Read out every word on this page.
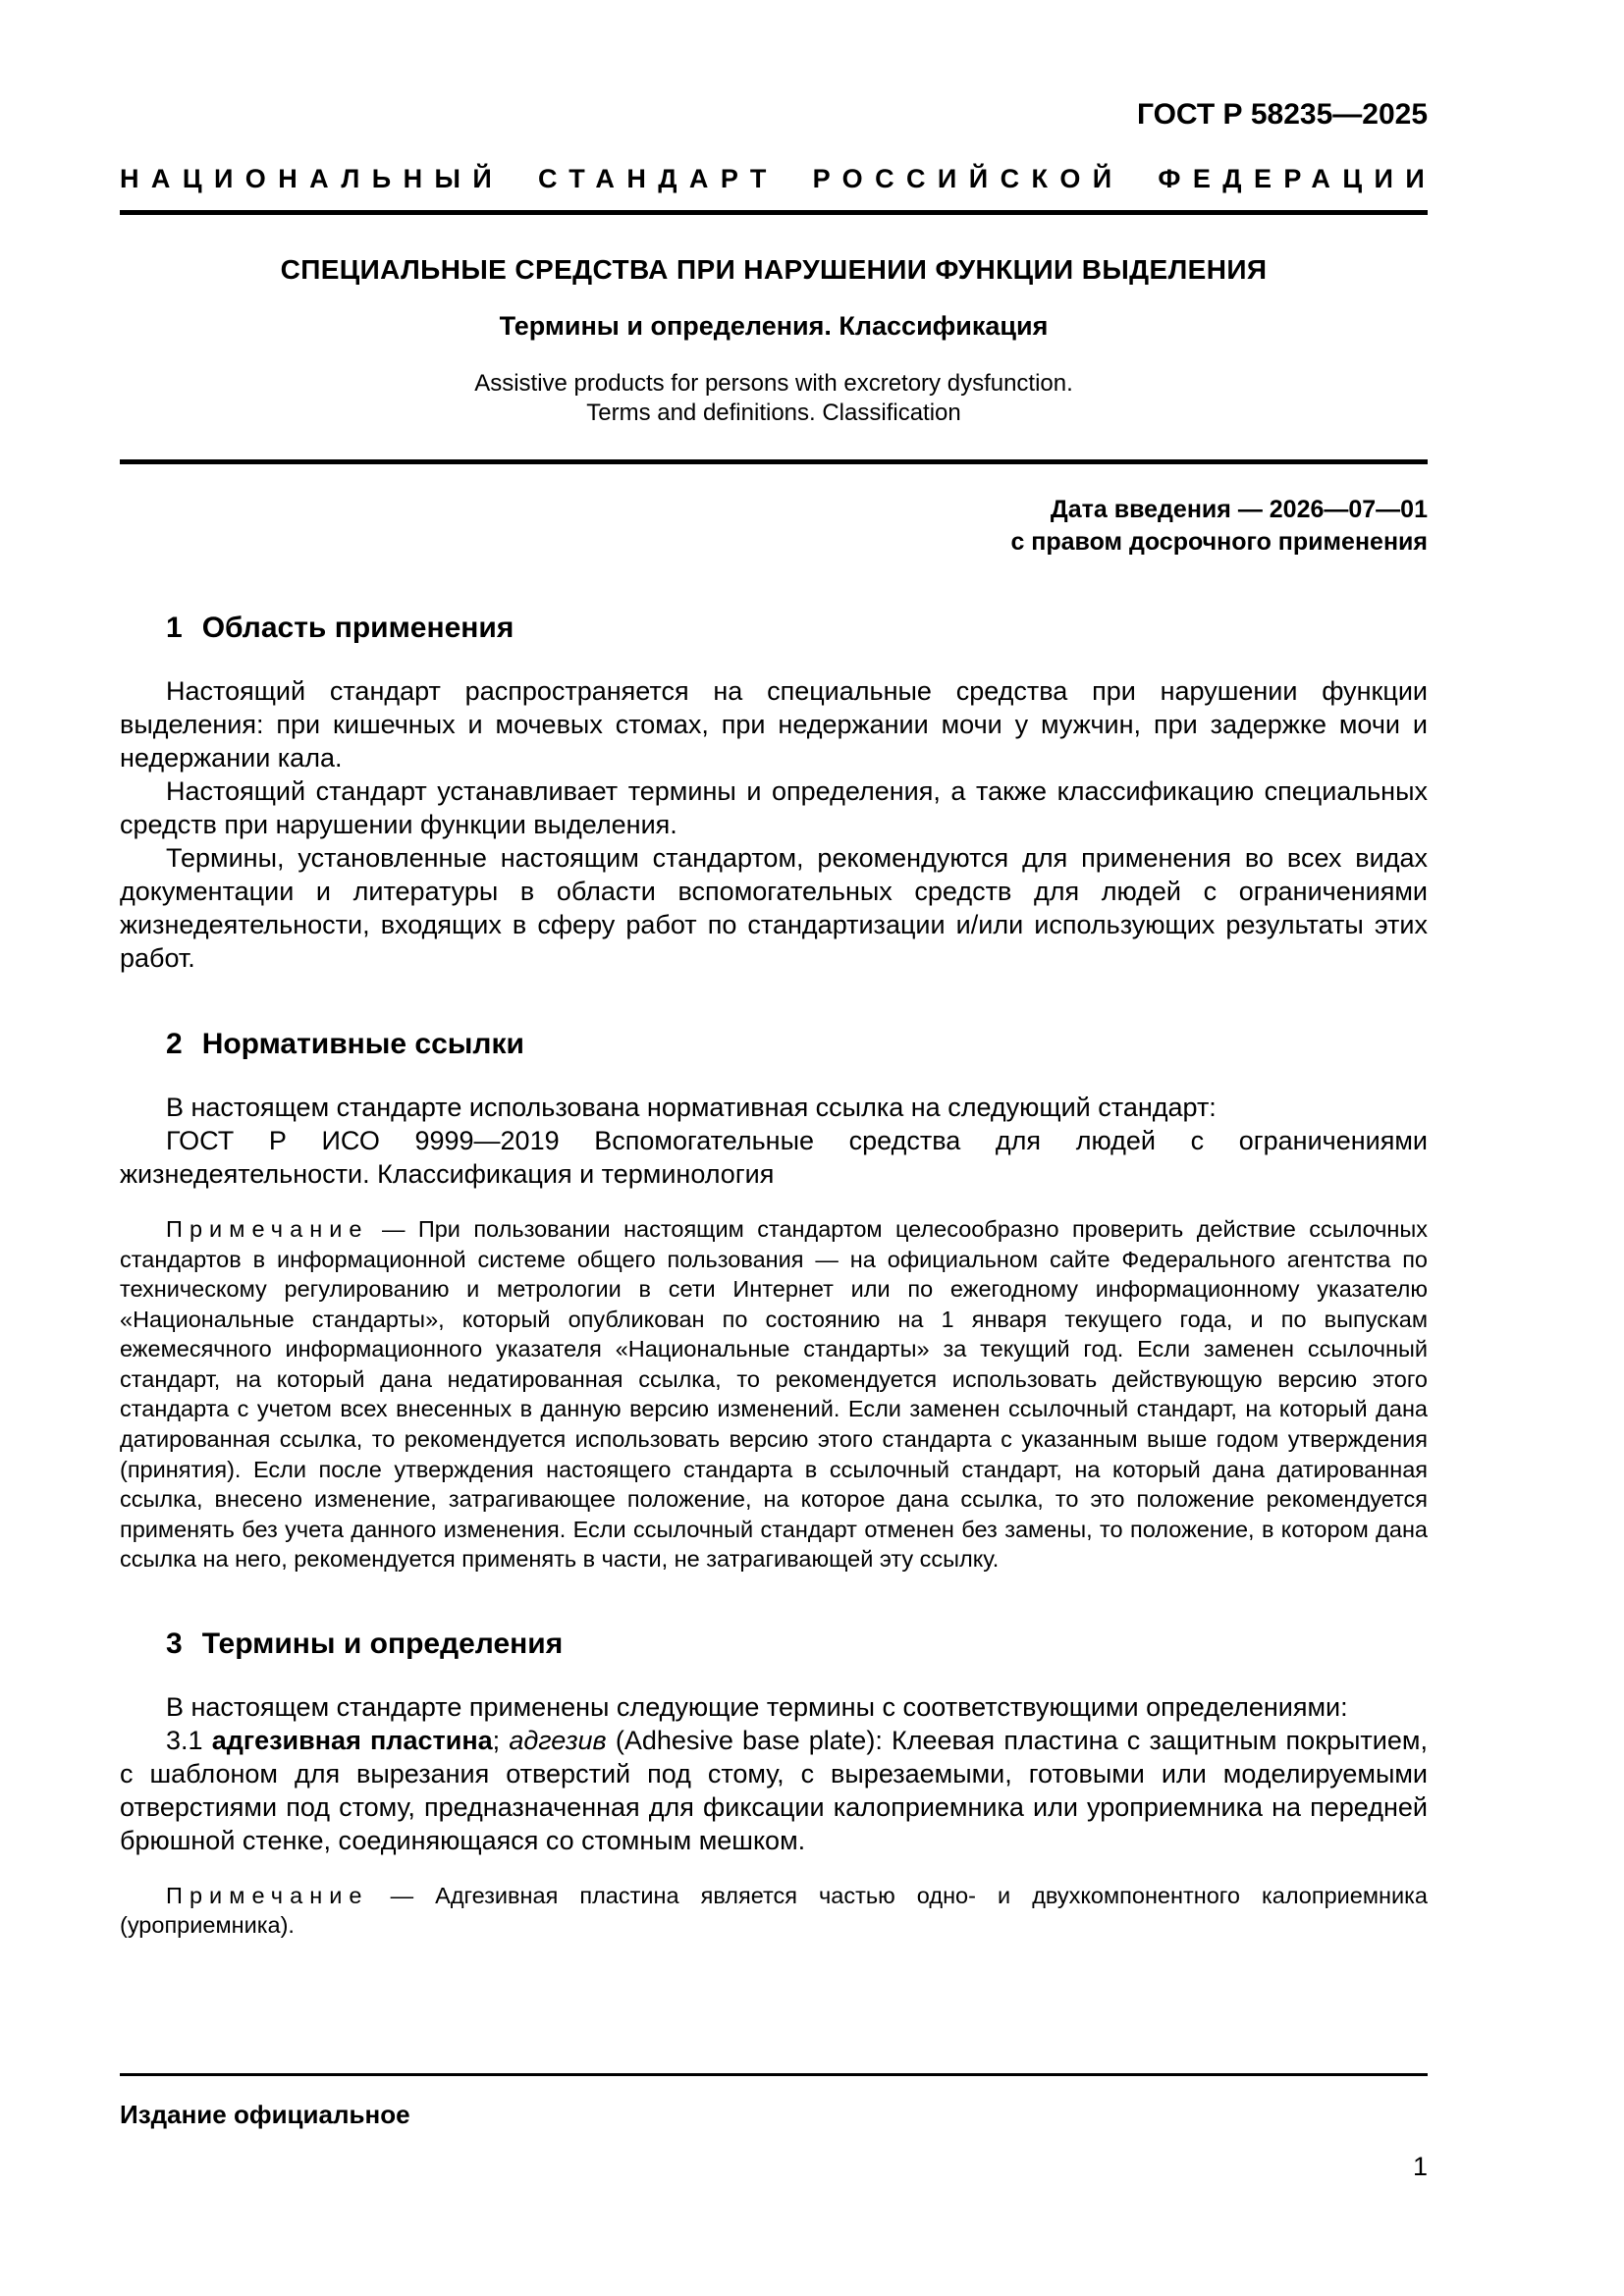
ГОСТ Р 58235—2025
НАЦИОНАЛЬНЫЙ СТАНДАРТ РОССИЙСКОЙ ФЕДЕРАЦИИ
СПЕЦИАЛЬНЫЕ СРЕДСТВА ПРИ НАРУШЕНИИ ФУНКЦИИ ВЫДЕЛЕНИЯ
Термины и определения. Классификация
Assistive products for persons with excretory dysfunction.
Terms and definitions. Classification
Дата введения — 2026—07—01
с правом досрочного применения
1 Область применения

Настоящий стандарт распространяется на специальные средства при нарушении функции выделения: при кишечных и мочевых стомах, при недержании мочи у мужчин, при задержке мочи и недержании кала.

Настоящий стандарт устанавливает термины и определения, а также классификацию специальных средств при нарушении функции выделения.

Термины, установленные настоящим стандартом, рекомендуются для применения во всех видах документации и литературы в области вспомогательных средств для людей с ограничениями жизнедеятельности, входящих в сферу работ по стандартизации и/или использующих результаты этих работ.

2 Нормативные ссылки

В настоящем стандарте использована нормативная ссылка на следующий стандарт:

ГОСТ Р ИСО 9999—2019 Вспомогательные средства для людей с ограничениями жизнедеятельности. Классификация и терминология

Примечание — При пользовании настоящим стандартом целесообразно проверить действие ссылочных стандартов в информационной системе общего пользования — на официальном сайте Федерального агентства по техническому регулированию и метрологии в сети Интернет или по ежегодному информационному указателю «Национальные стандарты», который опубликован по состоянию на 1 января текущего года, и по выпускам ежемесячного информационного указателя «Национальные стандарты» за текущий год. Если заменен ссылочный стандарт, на который дана недатированная ссылка, то рекомендуется использовать действующую версию этого стандарта с учетом всех внесенных в данную версию изменений. Если заменен ссылочный стандарт, на который дана датированная ссылка, то рекомендуется использовать версию этого стандарта с указанным выше годом утверждения (принятия). Если после утверждения настоящего стандарта в ссылочный стандарт, на который дана датированная ссылка, внесено изменение, затрагивающее положение, на которое дана ссылка, то это положение рекомендуется применять без учета данного изменения. Если ссылочный стандарт отменен без замены, то положение, в котором дана ссылка на него, рекомендуется применять в части, не затрагивающей эту ссылку.

3 Термины и определения

В настоящем стандарте применены следующие термины с соответствующими определениями:

3.1 адгезивная пластина; адгезив (Adhesive base plate): Клеевая пластина с защитным покрытием, с шаблоном для вырезания отверстий под стому, с вырезаемыми, готовыми или моделируемыми отверстиями под стому, предназначенная для фиксации калоприемника или уроприемника на передней брюшной стенке, соединяющаяся со стомным мешком.

Примечание — Адгезивная пластина является частью одно- и двухкомпонентного калоприемника (уроприемника).

Издание официальное
1
